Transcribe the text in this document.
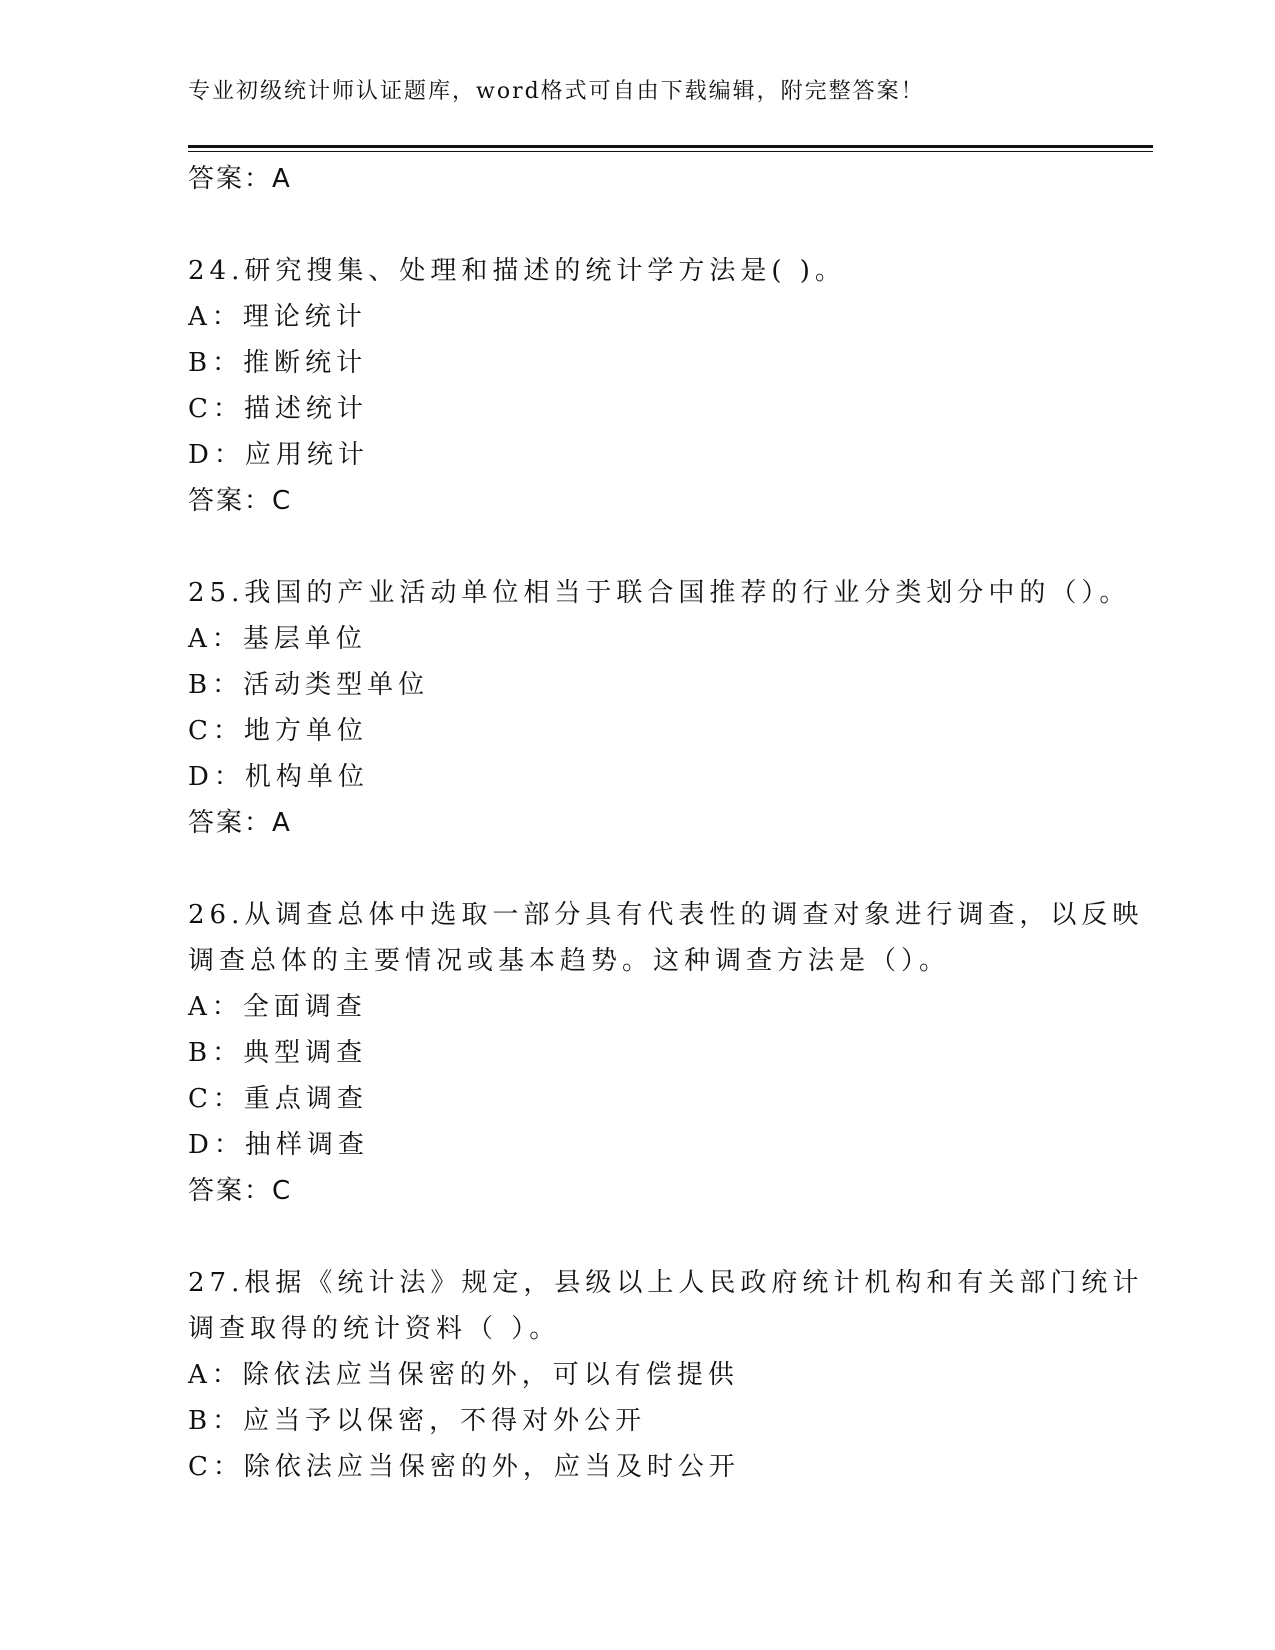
专业初级统计师认证题库，word格式可自由下载编辑，附完整答案！
答案：A
24.研究搜集、处理和描述的统计学方法是( )。
A：理论统计
B：推断统计
C：描述统计
D：应用统计
答案：C
25.我国的产业活动单位相当于联合国推荐的行业分类划分中的（）。
A：基层单位
B：活动类型单位
C：地方单位
D：机构单位
答案：A
26.从调查总体中选取一部分具有代表性的调查对象进行调查，以反映
调查总体的主要情况或基本趋势。这种调查方法是（）。
A：全面调查
B：典型调查
C：重点调查
D：抽样调查
答案：C
27.根据《统计法》规定，县级以上人民政府统计机构和有关部门统计
调查取得的统计资料（ ）。
A：除依法应当保密的外，可以有偿提供
B：应当予以保密，不得对外公开
C：除依法应当保密的外，应当及时公开
